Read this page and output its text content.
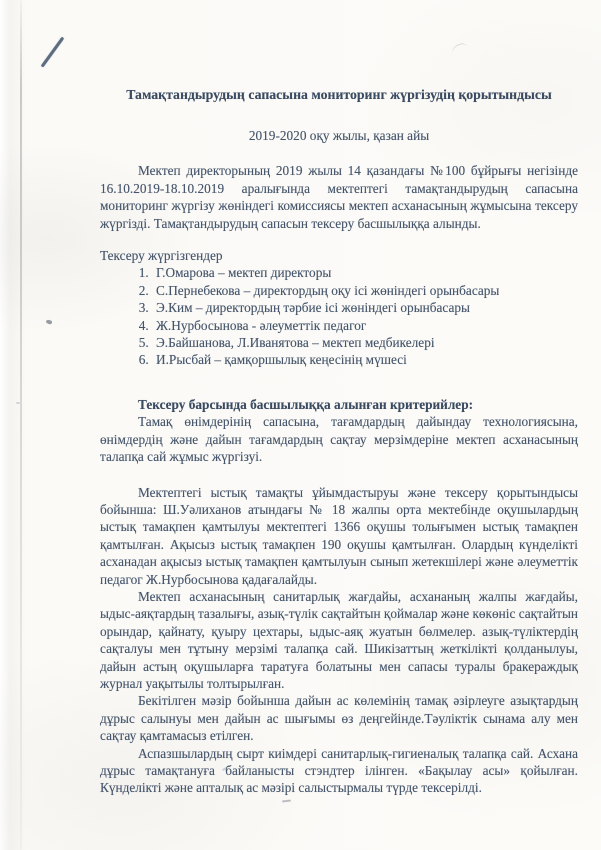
Тамақтандырудың сапасына мониторинг жүргізудің қорытындысы
2019-2020 оқу жылы, қазан айы

Мектеп директорының 2019 жылы 14 қазандағы №100 бұйрығы негізінде 16.10.2019-18.10.2019 аралығында мектептегі тамақтандырудың сапасына мониторинг жүргізу жөніндегі комиссиясы мектеп асханасының жұмысына тексеру жүргізді. Тамақтандырудың сапасын тексеру басшылыққа алынды.

Тексеру жүргізгендер
1. Г.Омарова – мектеп директоры
2. С.Пернебекова – директордың оқу ісі жөніндегі орынбасары
3. Э.Ким – директордың тәрбие ісі жөніндегі орынбасары
4. Ж.Нурбосынова - әлеуметтік педагог
5. Э.Байшанова, Л.Иванятова – мектеп медбикелері
6. И.Рысбай – қамқоршылық кеңесінің мүшесі
Тексеру барсында басшылыққа алынған критерийлер:

Тамақ өнімдерінің сапасына, тағамдардың дайындау технологиясына, өнімдердің және дайын тағамдардың сақтау мерзімдеріне мектеп асханасының талапқа сай жұмыс жүргізуі.

Мектептегі ыстық тамақты ұйымдастыруы және тексеру қорытындысы бойынша: Ш.Уәлиханов атындағы № 18 жалпы орта мектебінде оқушылардың ыстық тамақпен қамтылуы мектептегі 1366 оқушы толығымен ыстық тамақпен қамтылған. Ақысыз ыстық тамақпен 190 оқушы қамтылған. Олардың күнделікті асханадан ақысыз ыстық тамақпен қамтылуын сынып жетекшілері және әлеуметтік педагог Ж.Нурбосынова қадағалайды.

Мектеп асханасының санитарлық жағдайы, асхананың жалпы жағдайы, ыдыс-аяқтардың тазалығы, азық-түлік сақтайтын қоймалар және көкөніс сақтайтын орындар, қайнату, қуыру цехтары, ыдыс-аяқ жуатын бөлмелер. азық-түліктердің сақталуы мен тұтыну мерзімі талапқа сай. Шикізаттың жеткілікті қолданылуы, дайын астың оқушыларға таратуға болатыны мен сапасы туралы бракераждық журнал уақытылы толтырылған.

Бекітілген мәзір бойынша дайын ас көлемінің тамақ әзірлеуге азықтардың дұрыс салынуы мен дайын ас шығымы өз деңгейінде.Тәуліктік сынама алу мен сақтау қамтамасыз етілген.

Аспазшылардың сырт киімдері санитарлық-гигиеналық талапқа сай. Асхана дұрыс тамақтануға байланысты стэндтер ілінген. «Бақылау асы» қойылған. Күнделікті және апталық ас мәзірі салыстырмалы түрде тексерілді.
